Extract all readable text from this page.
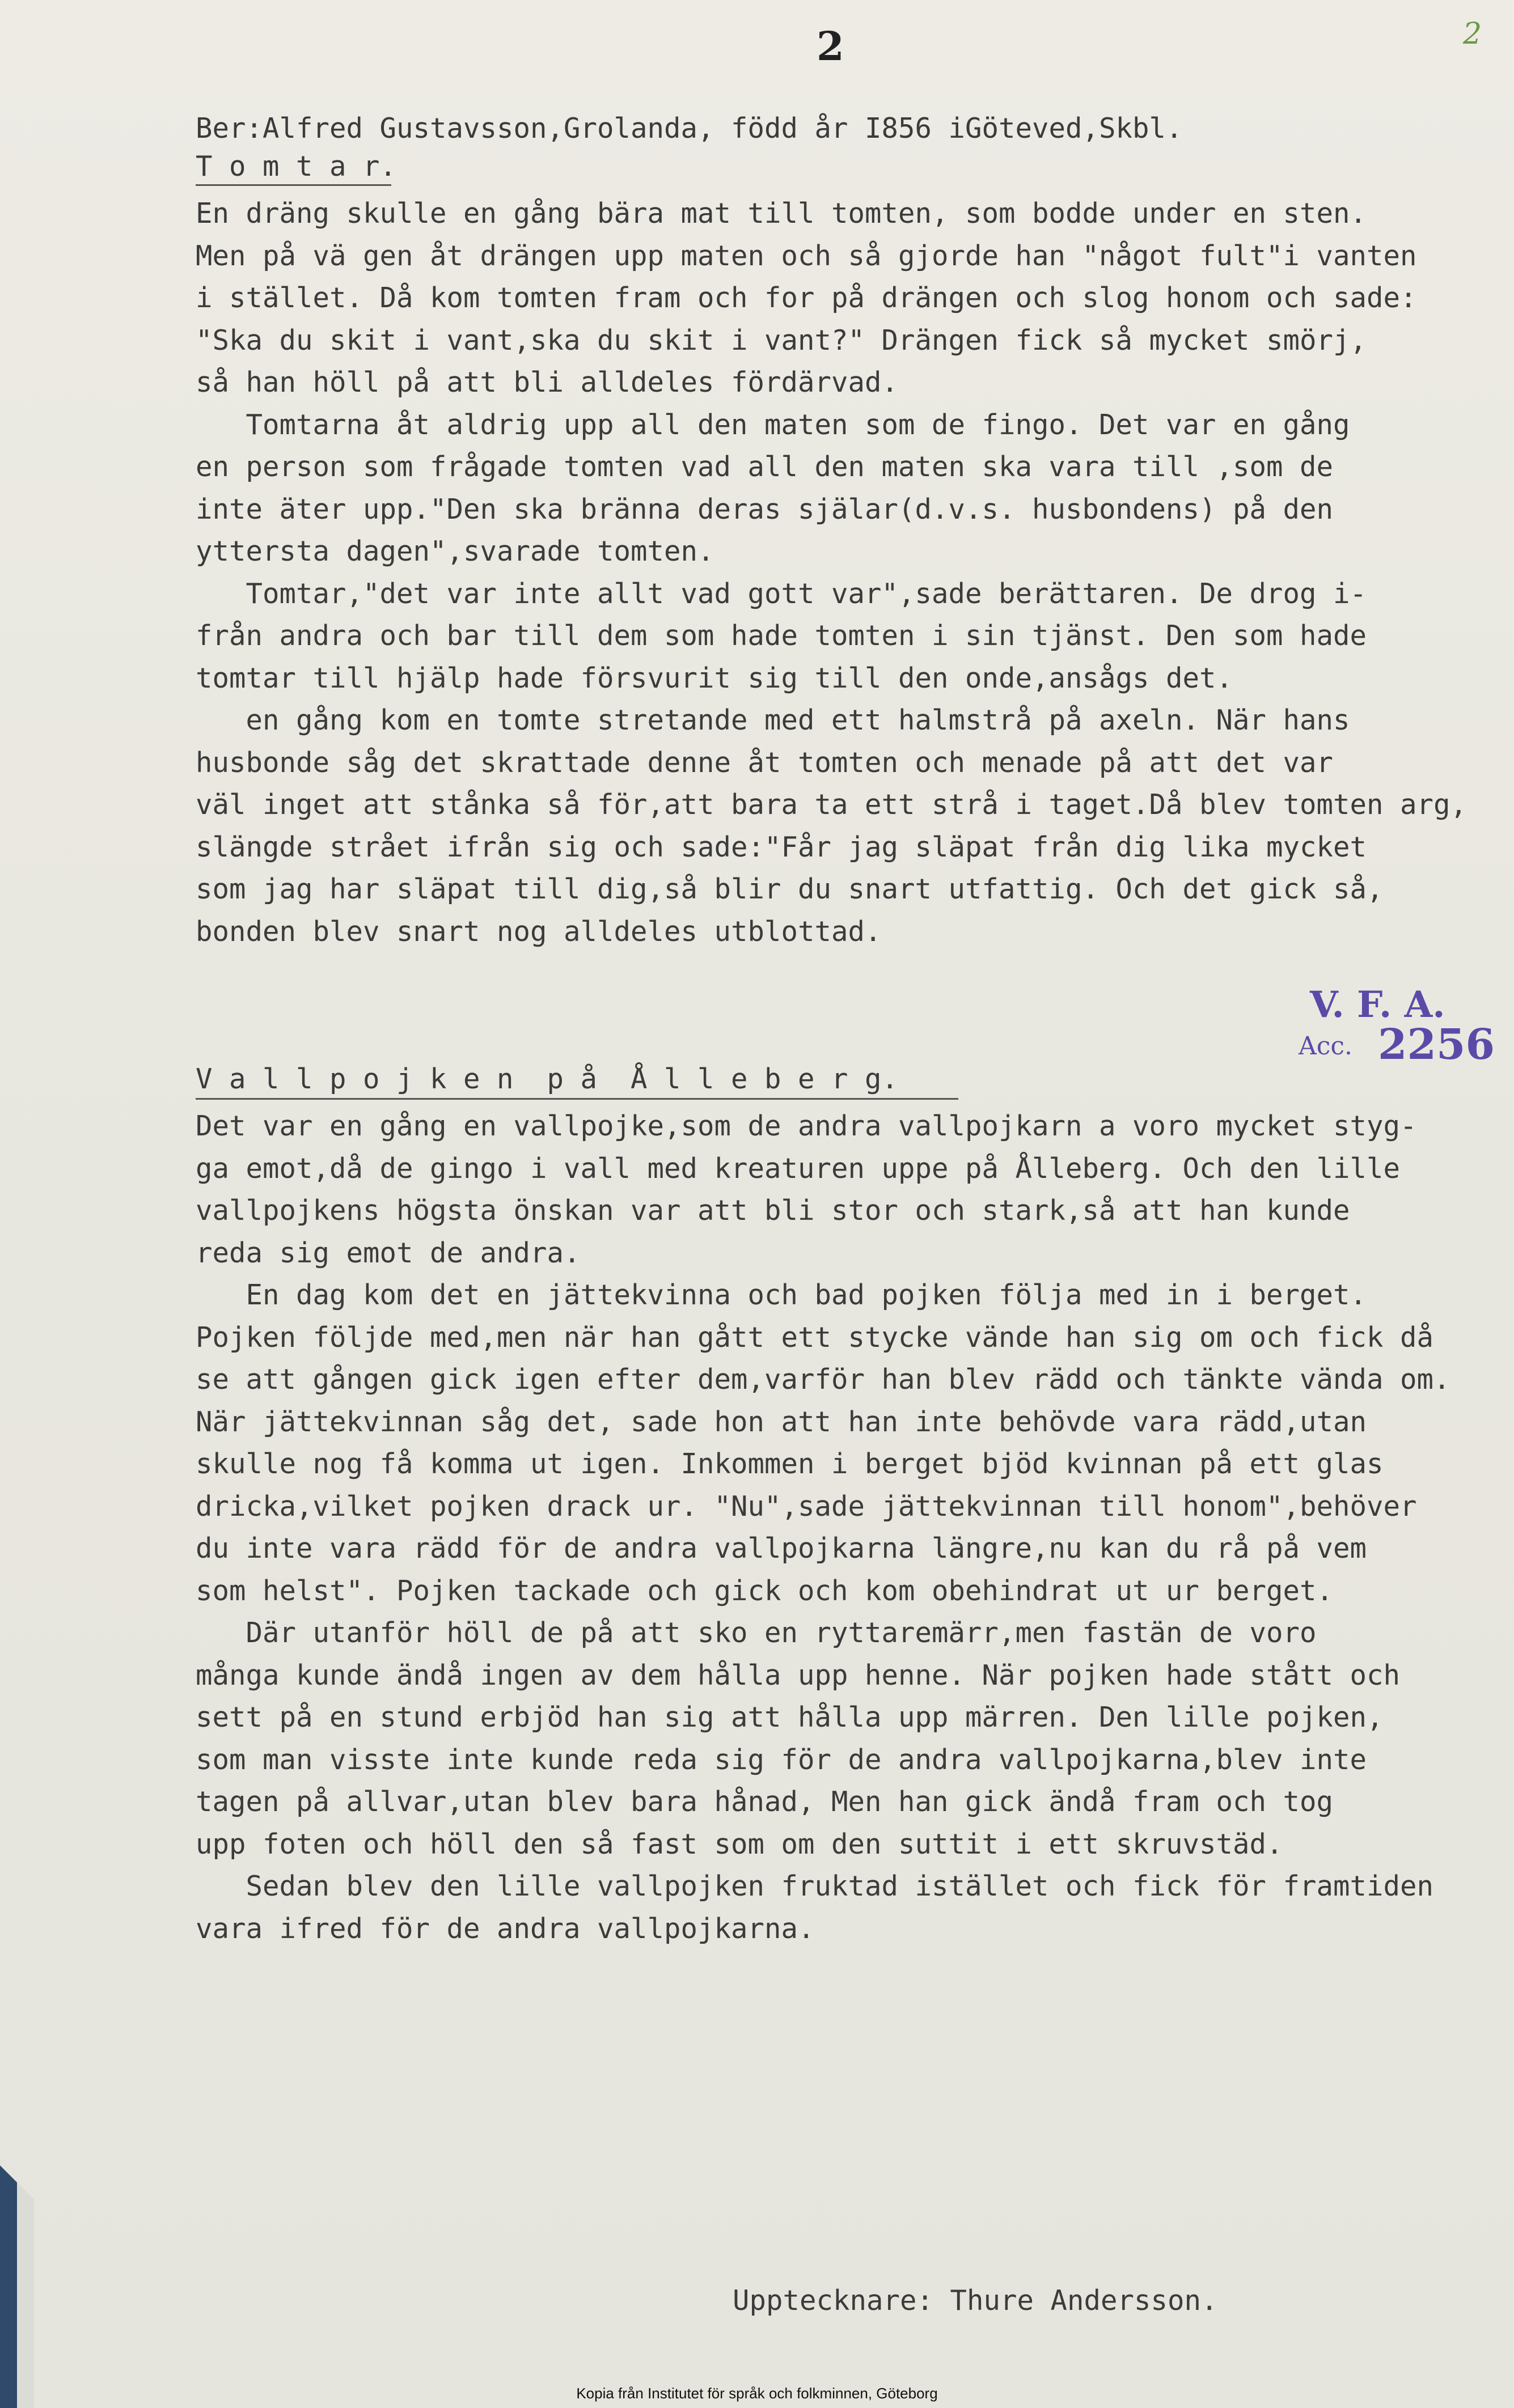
2	2
Ber:Alfred Gustavsson,Grolanda, född år I856 iGöteved,Skbl.
T o m t a r.
En dräng skulle en gång bära mat till tomten, som bodde under en sten.
Men på vä gen åt drängen upp maten och så gjorde han "något fult"i vanten
i stället. Då kom tomten fram och for på drängen och slog honom och sade:
"Ska du skit i vant,ska du skit i vant?" Drängen fick så mycket smörj,
så han höll på att bli alldeles fördärvad.
Tomtarna åt aldrig upp all den maten som de fingo. Det var en gång
en person som frågade tomten vad all den maten ska vara till ,som de
inte äter upp."Den ska bränna deras själar(d.v.s. husbondens) på den
yttersta dagen",svarade tomten.
Tomtar,"det var inte allt vad gott var",sade berättaren. De drog i-
från andra och bar till dem som hade tomten i sin tjänst. Den som hade
tomtar till hjälp hade försvurit sig till den onde,ansågs det.
en gång kom en tomte stretande med ett halmstrå på axeln. När hans
husbonde såg det skrattade denne åt tomten och menade på att det var
väl inget att stånka så för,att bara ta ett strå i taget.Då blev tomten arg,
slängde strået ifrån sig och sade:"Får jag släpat från dig lika mycket
som jag har släpat till dig,så blir du snart utfattig. Och det gick så,
bonden blev snart nog alldeles utblottad.
V. F. A.
Acc. 2256
V a l l p o j k e n  p å  Å l l e b e r g.
Det var en gång en vallpojke,som de andra vallpojkarn a voro mycket styg-
ga emot,då de gingo i vall med kreaturen uppe på Ålleberg. Och den lille
vallpojkens högsta önskan var att bli stor och stark,så att han kunde
reda sig emot de andra.
En dag kom det en jättekvinna och bad pojken följa med in i berget.
Pojken följde med,men när han gått ett stycke vände han sig om och fick då
se att gången gick igen efter dem,varför han blev rädd och tänkte vända om.
När jättekvinnan såg det, sade hon att han inte behövde vara rädd,utan
skulle nog få komma ut igen. Inkommen i berget bjöd kvinnan på ett glas
dricka,vilket pojken drack ur. "Nu",sade jättekvinnan till honom",behöver
du inte vara rädd för de andra vallpojkarna längre,nu kan du rå på vem
som helst". Pojken tackade och gick och kom obehindrat ut ur berget.
Där utanför höll de på att sko en ryttaremärr,men fastän de voro
många kunde ändå ingen av dem hålla upp henne. När pojken hade stått och
sett på en stund erbjöd han sig att hålla upp märren. Den lille pojken,
som man visste inte kunde reda sig för de andra vallpojkarna,blev inte
tagen på allvar,utan blev bara hånad, Men han gick ändå fram och tog
upp foten och höll den så fast som om den suttit i ett skruvstäd.
Sedan blev den lille vallpojken fruktad istället och fick för framtiden
vara ifred för de andra vallpojkarna.
Upptecknare: Thure Andersson.
Kopia från Institutet för språk och folkminnen, Göteborg
